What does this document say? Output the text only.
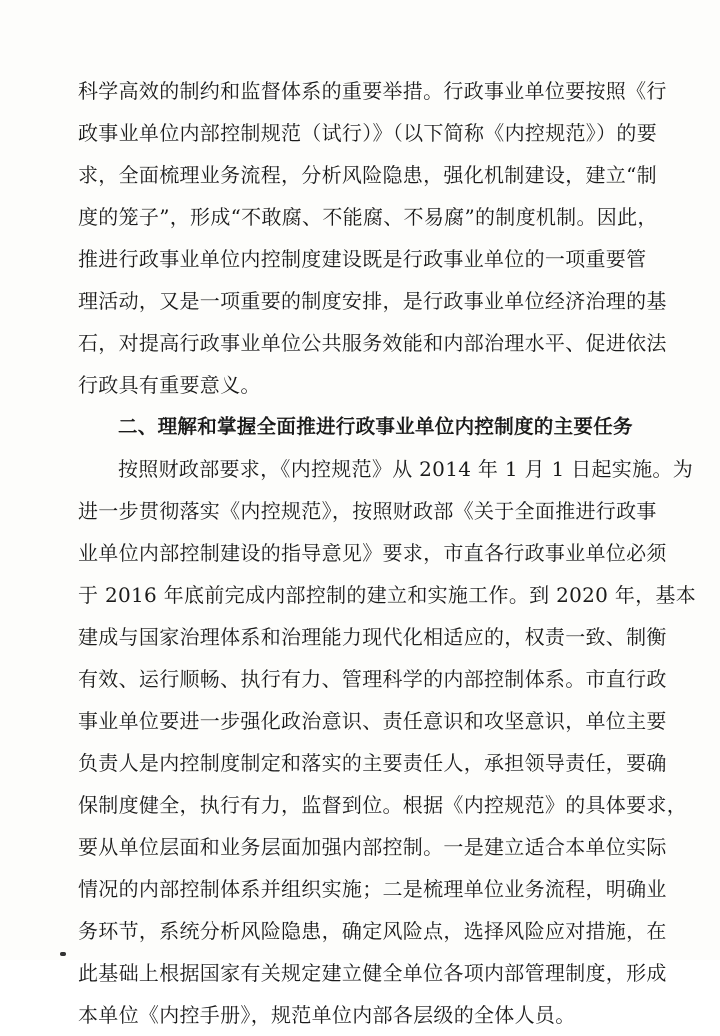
科学高效的制约和监督体系的重要举措。行政事业单位要按照《行
政事业单位内部控制规范（试行）》（以下简称《内控规范》）的要
求，全面梳理业务流程，分析风险隐患，强化机制建设，建立“制
度的笼子”，形成“不敢腐、不能腐、不易腐”的制度机制。因此，
推进行政事业单位内控制度建设既是行政事业单位的一项重要管
理活动，又是一项重要的制度安排，是行政事业单位经济治理的基
石，对提高行政事业单位公共服务效能和内部治理水平、促进依法
行政具有重要意义。
二、理解和掌握全面推进行政事业单位内控制度的主要任务
按照财政部要求，《内控规范》从 2014 年 1 月 1 日起实施。为
进一步贯彻落实《内控规范》，按照财政部《关于全面推进行政事
业单位内部控制建设的指导意见》要求，市直各行政事业单位必须
于 2016 年底前完成内部控制的建立和实施工作。到 2020 年，基本
建成与国家治理体系和治理能力现代化相适应的，权责一致、制衡
有效、运行顺畅、执行有力、管理科学的内部控制体系。市直行政
事业单位要进一步强化政治意识、责任意识和攻坚意识，单位主要
负责人是内控制度制定和落实的主要责任人，承担领导责任，要确
保制度健全，执行有力，监督到位。根据《内控规范》的具体要求，
要从单位层面和业务层面加强内部控制。一是建立适合本单位实际
情况的内部控制体系并组织实施；二是梳理单位业务流程，明确业
务环节，系统分析风险隐患，确定风险点，选择风险应对措施，在
此基础上根据国家有关规定建立健全单位各项内部管理制度，形成
本单位《内控手册》，规范单位内部各层级的全体人员。
